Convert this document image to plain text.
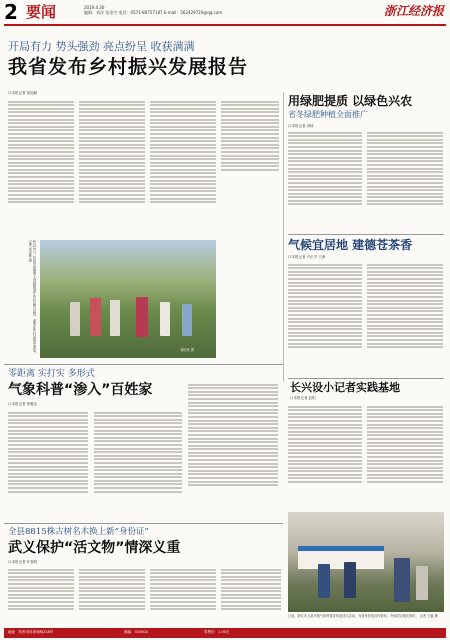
2 要闻	2019.4.30
编辑：刘洋 张金宇 电话：0571-86757187 E-mail：562429720@qq.com	浙江经济报
开局有力 势头强劲 亮点纷呈 收获满满
我省发布乡村振兴发展报告
口本报记者 倪旭颖
4月27日，杭州市建德市大同镇的浙江乡村振兴学院，游客在乡村田园中游览。记者 刘世林 摄
刘世林 摄
用绿肥提质 以绿色兴农
省冬绿肥种植全面推广
口本报记者 刘杨
气候宜居地 建德苍茶香
口本报记者 卢正平 王涛
零距离 实打实 多形式
气象科普“渗入”百姓家
口本报记者 蔡雅洁
长兴设小记者实践基地
口本报记者 赵阳
日前，浙江庆元县开展气象科普宣传进社区活动，为居民发放宣传资料，介绍防灾减灾知识。 记者 王毅 摄
全县8815株古树名木换上新“身份证”
武义保护“活文物”情深义重
口本报记者 叶智明
地址：杭州市体育场路218号	邮编：310004	零售价：1.00元
